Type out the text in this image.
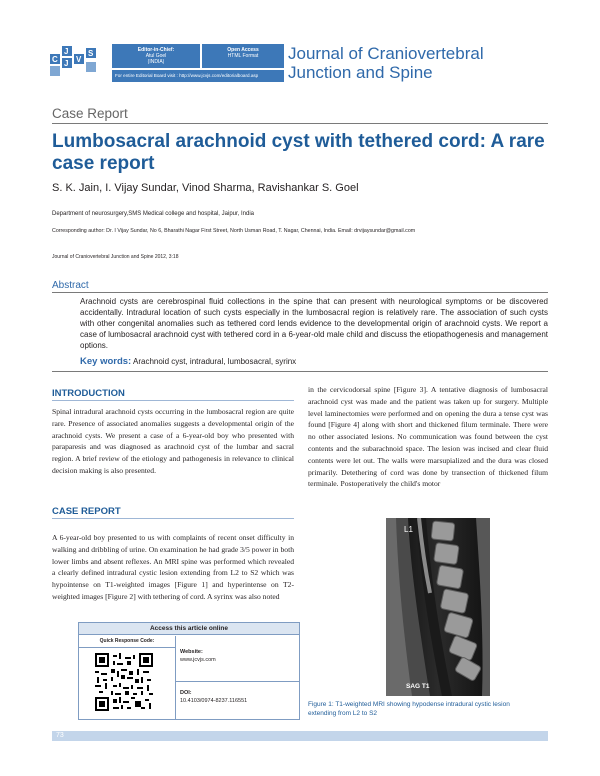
J
C V
S
J
Editor-in-Chief:
Atul Goel
(INDIA)
Open Access
HTML Format
For entire Editorial Board visit : http://www.jcvjs.com/editorialboard.asp
Journal of Craniovertebral Junction and Spine
Case Report
Lumbosacral arachnoid cyst with tethered cord: A rare case report
S. K. Jain, I. Vijay Sundar, Vinod Sharma, Ravishankar S. Goel
Department of neurosurgery,SMS Medical college and hospital, Jaipur, India
Corresponding author: Dr. I Vijay Sundar, No 6, Bharathi Nagar First Street, North Usman Road, T. Nagar, Chennai, India. Email: drvijaysundar@gmail.com
Journal of Craniovertebral Junction and Spine 2012, 3:18
Abstract
Arachnoid cysts are cerebrospinal fluid collections in the spine that can present with neurological symptoms or be discovered accidentally. Intradural location of such cysts especially in the lumbosacral region is relatively rare. The association of such cysts with other congenital anomalies such as tethered cord lends evidence to the developmental origin of arachnoid cysts. We report a case of lumbosacral arachnoid cyst with tethered cord in a 6-year-old male child and discuss the etiopathogenesis and management options.
Key words: Arachnoid cyst, intradural, lumbosacral, syrinx
INTRODUCTION
Spinal intradural arachnoid cysts occurring in the lumbosacral region are quite rare. Presence of associated anomalies suggests a developmental origin of the arachnoid cysts. We present a case of a 6-year-old boy who presented with paraparesis and was diagnosed as arachnoid cyst of the lumbar and sacral region. A brief review of the etiology and pathogenesis in relevance to clinical decision making is also presented.
CASE REPORT
A 6-year-old boy presented to us with complaints of recent onset difficulty in walking and dribbling of urine. On examination he had grade 3/5 power in both lower limbs and absent reflexes. An MRI spine was performed which revealed a clearly defined intradural cystic lesion extending from L2 to S2 which was hypointense on T1-weighted images [Figure 1] and hyperintense on T2-weighted images [Figure 2] with tethering of cord. A syrinx was also noted
in the cervicodorsal spine [Figure 3]. A tentative diagnosis of lumbosacral arachnoid cyst was made and the patient was taken up for surgery. Multiple level laminectomies were performed and on opening the dura a tense cyst was found [Figure 4] along with short and thickened filum terminale. There were no other associated lesions. No communication was found between the cyst contents and the subarachnoid space. The lesion was incised and clear fluid contents were let out. The walls were marsupialized and the dura was closed primarily. Detethering of cord was done by transection of thickened filum terminale. Postoperatively the child's motor
Access this article online
Quick Response Code:
Website:
www.jcvjs.com
DOI:
10.4103/0974-8237.116551
L1
SAG T1
Figure 1: T1-weighted MRI showing hypodense intradural cystic lesion extending from L2 to S2
73
